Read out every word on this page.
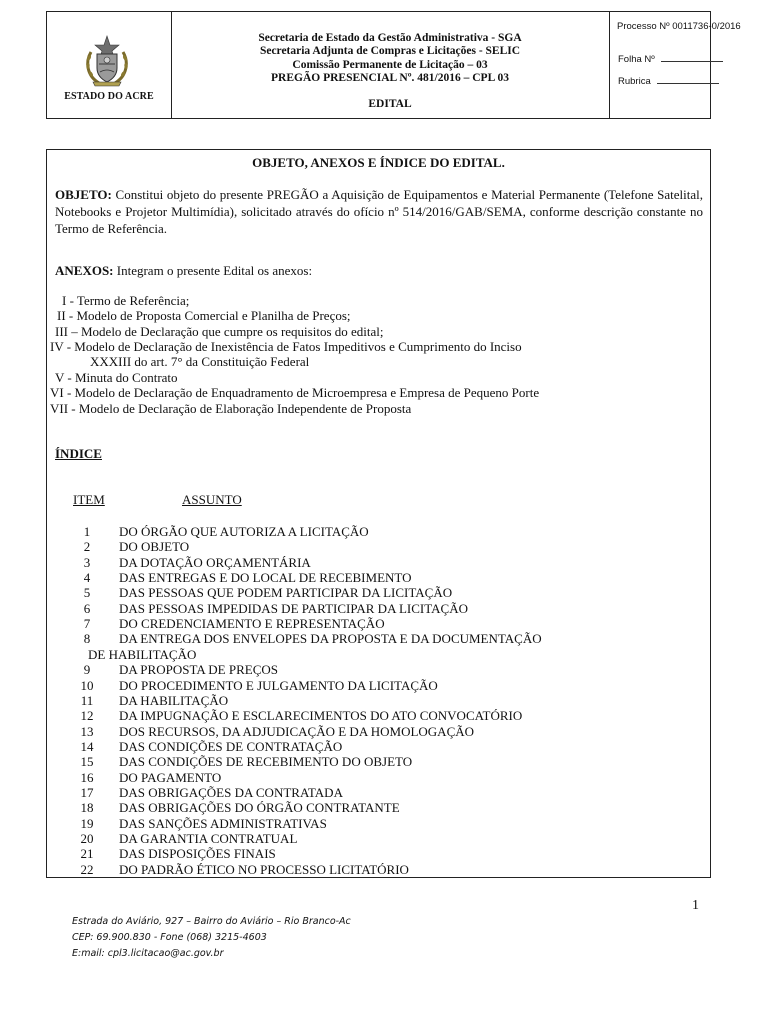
ESTADO DO ACRE
Secretaria de Estado da Gestão Administrativa - SGA
Secretaria Adjunta de Compras e Licitações - SELIC
Comissão Permanente de Licitação – 03
PREGÃO PRESENCIAL Nº. 481/2016 – CPL 03
EDITAL
Processo Nº 0011736-0/2016
Folha Nº
Rubrica
OBJETO, ANEXOS E ÍNDICE DO EDITAL.
OBJETO: Constitui objeto do presente PREGÃO a Aquisição de Equipamentos e Material Permanente (Telefone Satelital, Notebooks e Projetor Multimídia), solicitado através do ofício nº 514/2016/GAB/SEMA, conforme descrição constante no Termo de Referência.
ANEXOS: Integram o presente Edital os anexos:
I - Termo de Referência;
II - Modelo de Proposta Comercial e Planilha de Preços;
III – Modelo de Declaração que cumpre os requisitos do edital;
IV - Modelo de Declaração de Inexistência de Fatos Impeditivos e Cumprimento do Inciso
XXXIII do art. 7° da Constituição Federal
V - Minuta do Contrato
VI - Modelo de Declaração de Enquadramento de Microempresa e Empresa de Pequeno Porte
VII - Modelo de Declaração de Elaboração Independente de Proposta
ÍNDICE
ITEM	ASSUNTO
1	DO ÓRGÃO QUE AUTORIZA A LICITAÇÃO
2	DO OBJETO
3	DA DOTAÇÃO ORÇAMENTÁRIA
4	DAS ENTREGAS E DO LOCAL DE RECEBIMENTO
5	DAS PESSOAS QUE PODEM PARTICIPAR DA LICITAÇÃO
6	DAS PESSOAS IMPEDIDAS DE PARTICIPAR DA LICITAÇÃO
7	DO CREDENCIAMENTO E REPRESENTAÇÃO
8	DA ENTREGA DOS ENVELOPES DA PROPOSTA E DA DOCUMENTAÇÃO
DE HABILITAÇÃO
9	DA PROPOSTA DE PREÇOS
10	DO PROCEDIMENTO E JULGAMENTO DA LICITAÇÃO
11	DA HABILITAÇÃO
12	DA IMPUGNAÇÃO E ESCLARECIMENTOS DO ATO CONVOCATÓRIO
13	DOS RECURSOS, DA ADJUDICAÇÃO E DA HOMOLOGAÇÃO
14	DAS CONDIÇÕES DE CONTRATAÇÃO
15	DAS CONDIÇÕES DE RECEBIMENTO DO OBJETO
16	DO PAGAMENTO
17	DAS OBRIGAÇÕES DA CONTRATADA
18	DAS OBRIGAÇÕES DO ÓRGÃO CONTRATANTE
19	DAS SANÇÕES ADMINISTRATIVAS
20	DA GARANTIA CONTRATUAL
21	DAS DISPOSIÇÕES FINAIS
22	DO PADRÃO ÉTICO NO PROCESSO LICITATÓRIO
1
Estrada do Aviário, 927 – Bairro do Aviário – Rio Branco-Ac
CEP: 69.900.830 - Fone (068) 3215-4603
E:mail: cpl3.licitacao@ac.gov.br
